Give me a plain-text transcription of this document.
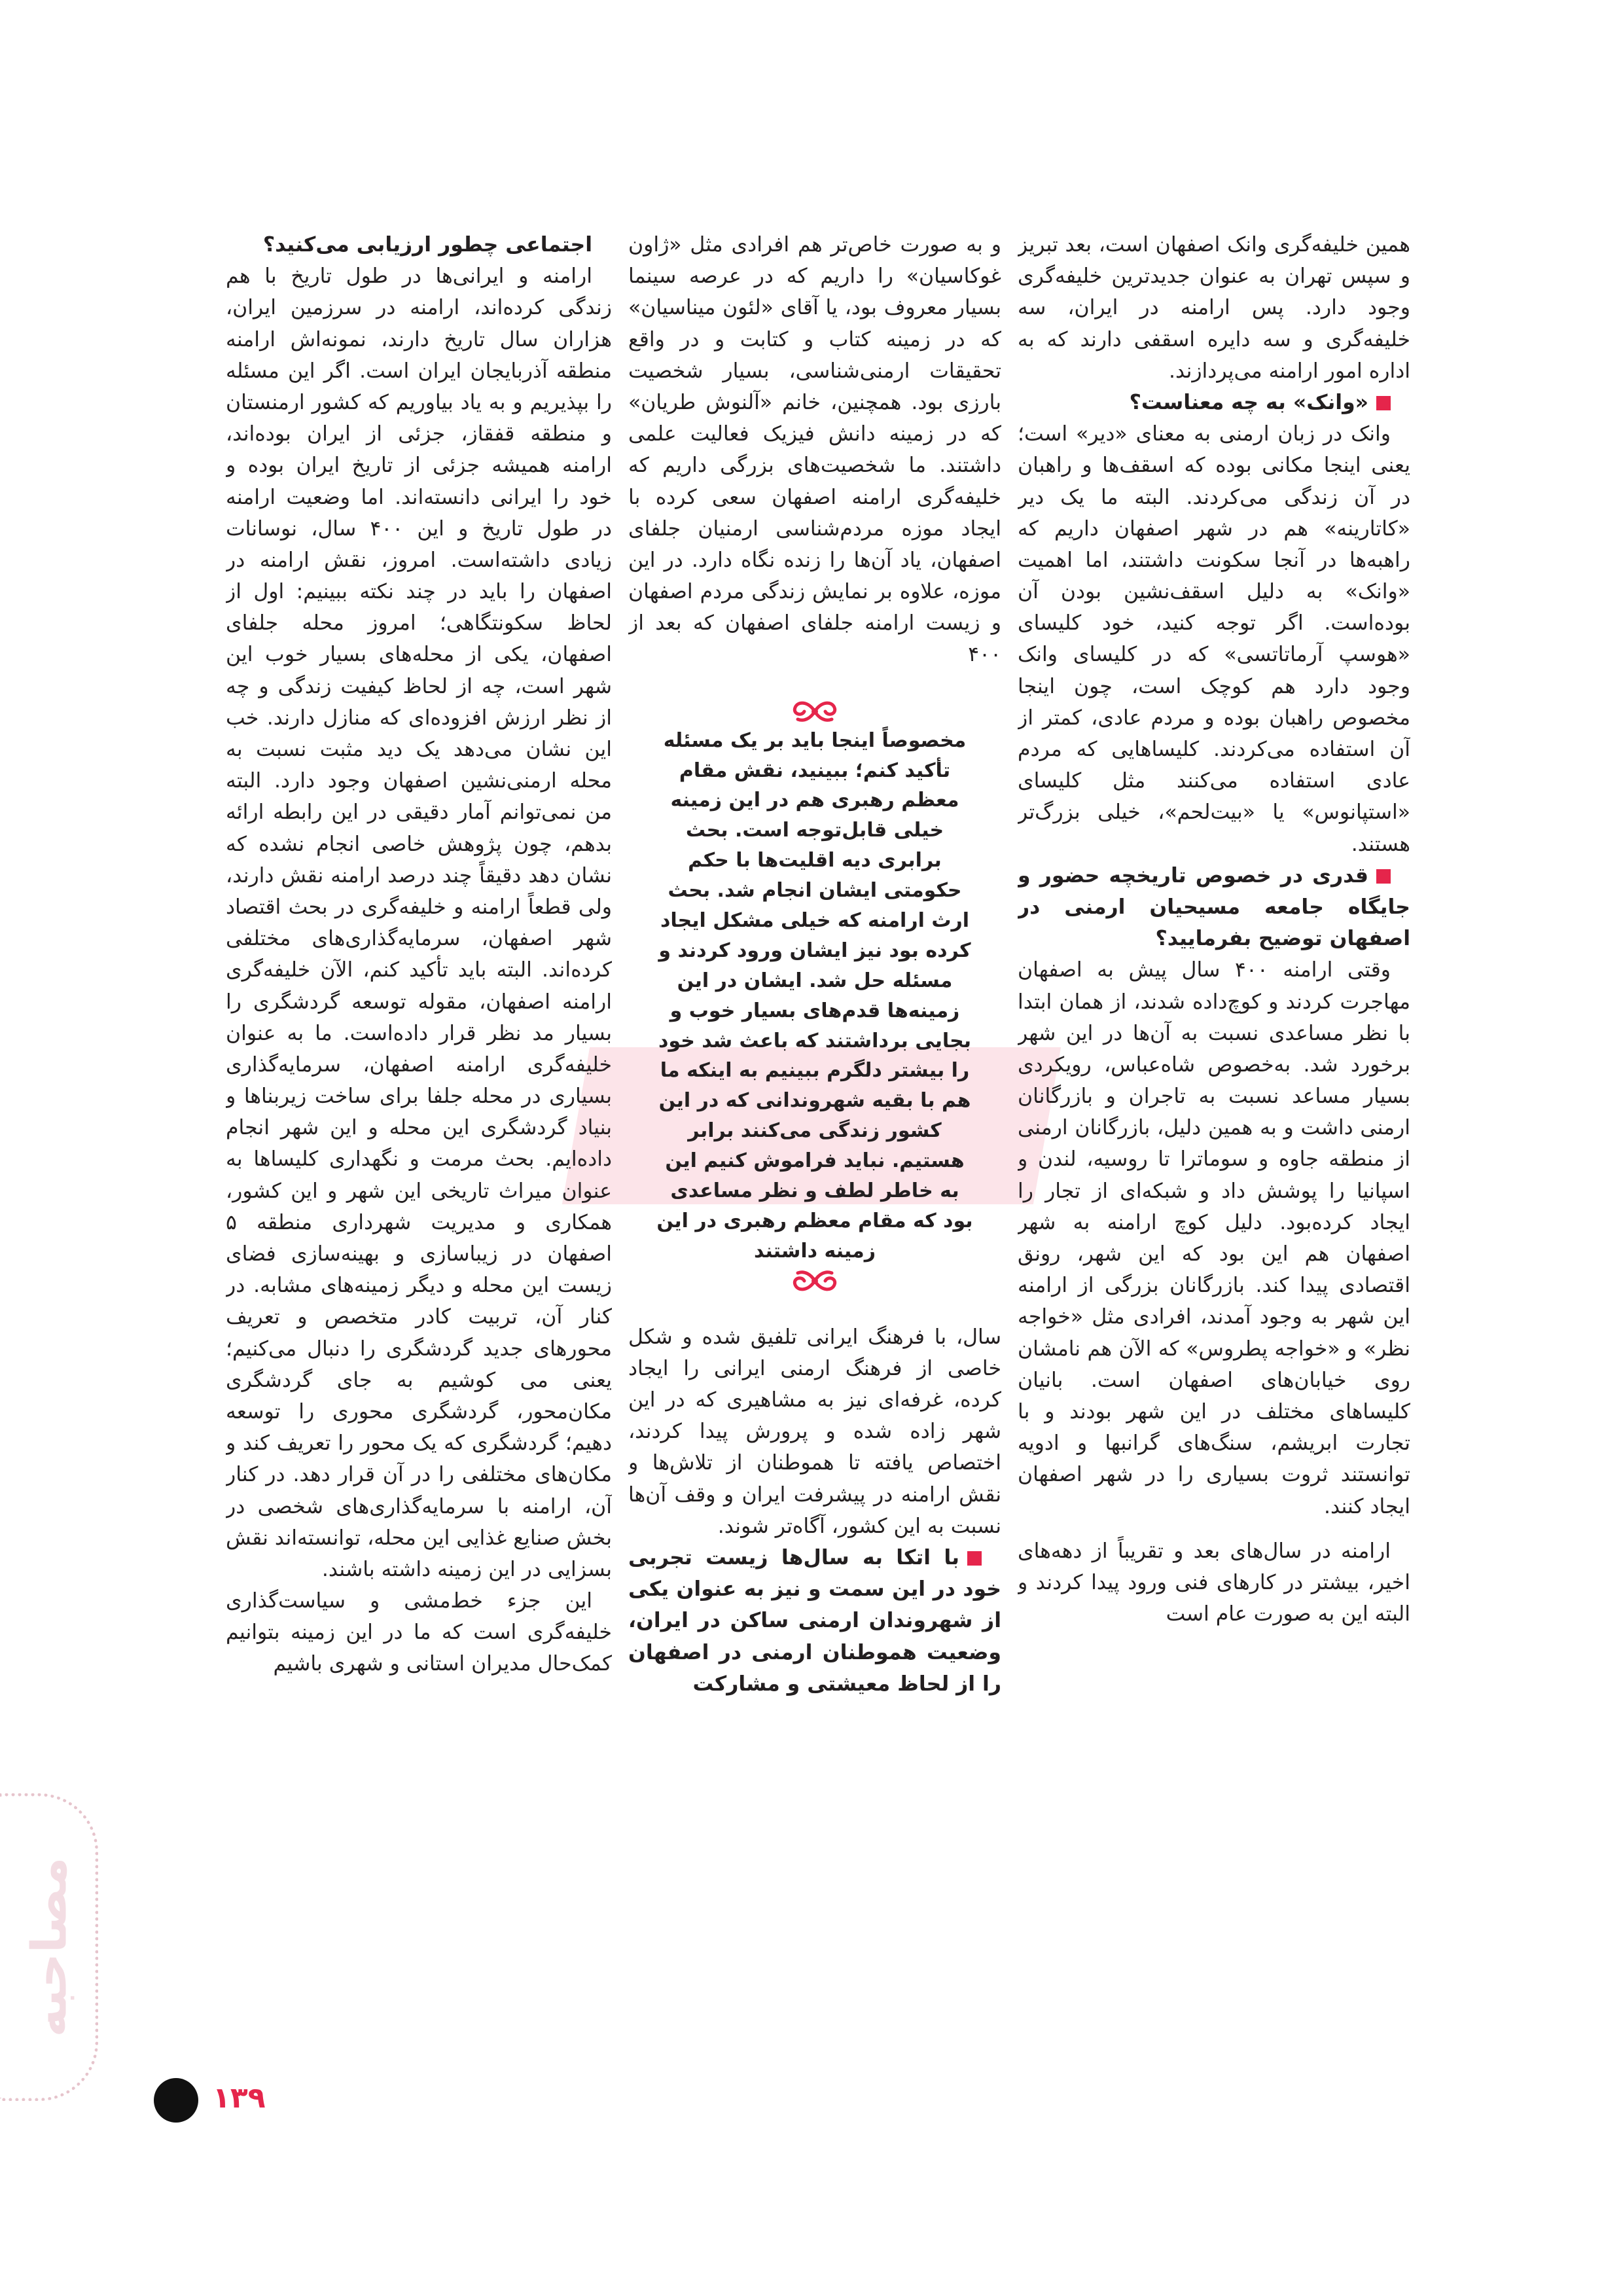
همین خلیفه‌گری وانک اصفهان است، بعد تبریز و سپس تهران به عنوان جدیدترین خلیفه‌گری وجود دارد. پس ارامنه در ایران، سه خلیفه‌گری و سه دایره اسقفی دارند که به اداره امور ارامنه می‌پردازند.

«وانک» به چه معناست؟

وانک در زبان ارمنی به معنای «دیر» است؛ یعنی اینجا مکانی بوده که اسقف‌ها و راهبان در آن زندگی می‌کردند. البته ما یک دیر «کاتارینه» هم در شهر اصفهان داریم که راهبه‌ها در آنجا سکونت داشتند، اما اهمیت «وانک» به دلیل اسقف‌نشین بودن آن بوده‌است. اگر توجه کنید، خود کلیسای «هوسپ آرماتاتسی» که در کلیسای وانک وجود دارد هم کوچک است، چون اینجا مخصوص راهبان بوده و مردم عادی، کمتر از آن استفاده می‌کردند. کلیساهایی که مردم عادی استفاده می‌کنند مثل کلیسای «استپانوس» یا «بیت‌لحم»، خیلی بزرگ‌تر هستند.

قدری در خصوص تاریخچه حضور و جایگاه جامعه مسیحیان ارمنی در اصفهان توضیح بفرمایید؟

وقتی ارامنه ۴۰۰ سال پیش به اصفهان مهاجرت کردند و کوچ‌داده شدند، از همان ابتدا با نظر مساعدی نسبت به آن‌ها در این شهر برخورد شد. به‌خصوص شاه‌عباس، رویکردی بسیار مساعد نسبت به تاجران و بازرگانان ارمنی داشت و به همین دلیل، بازرگانان ارمنی از منطقه جاوه و سوماترا تا روسیه، لندن و اسپانیا را پوشش داد و شبکه‌ای از تجار را ایجاد کرده‌بود. دلیل کوچ ارامنه به شهر اصفهان هم این بود که این شهر، رونق اقتصادی پیدا کند. بازرگانان بزرگی از ارامنه این شهر به وجود آمدند، افرادی مثل «خواجه نظر» و «خواجه پطروس» که الآن هم نامشان روی خیابان‌های اصفهان است. بانیان کلیساهای مختلف در این شهر بودند و با تجارت ابریشم، سنگ‌های گرانبها و ادویه توانستند ثروت بسیاری را در شهر اصفهان ایجاد کنند.

ارامنه در سال‌های بعد و تقریباً از دهه‌های اخیر، بیشتر در کارهای فنی ورود پیدا کردند و البته این به صورت عام است

و به صورت خاص‌تر هم افرادی مثل «ژاون غوکاسیان» را داریم که در عرصه سینما بسیار معروف بود، یا آقای «لئون میناسیان» که در زمینه کتاب و کتابت و در واقع تحقیقات ارمنی‌شناسی، بسیار شخصیت بارزی بود. همچنین، خانم «آلنوش طریان» که در زمینه دانش فیزیک فعالیت علمی داشتند. ما شخصیت‌های بزرگی داریم که خلیفه‌گری ارامنه اصفهان سعی کرده با ایجاد موزه مردم‌شناسی ارمنیان جلفای اصفهان، یاد آن‌ها را زنده نگاه دارد. در این موزه، علاوه بر نمایش زندگی مردم اصفهان و زیست ارامنه جلفای اصفهان که بعد از ۴۰۰

مخصوصاً اینجا باید بر یک مسئله تأکید کنم؛ ببینید، نقش مقام معظم رهبری هم در این زمینه خیلی قابل‌توجه است. بحث برابری دیه اقلیت‌ها با حکم حکومتی ایشان انجام شد. بحث ارث ارامنه که خیلی مشکل ایجاد کرده بود نیز ایشان ورود کردند و مسئله حل شد. ایشان در این زمینه‌ها قدم‌های بسیار خوب و بجایی برداشتند که باعث شد خود را بیشتر دلگرم ببینیم به اینکه ما هم با بقیه شهروندانی که در این کشور زندگی می‌کنند برابر هستیم. نباید فراموش کنیم این به خاطر لطف و نظر مساعدی بود که مقام معظم رهبری در این زمینه داشتند

سال، با فرهنگ ایرانی تلفیق شده و شکل خاصی از فرهنگ ارمنی ایرانی را ایجاد کرده، غرفه‌ای نیز به مشاهیری که در این شهر زاده شده و پرورش پیدا کردند، اختصاص یافته تا هموطنان از تلاش‌ها و نقش ارامنه در پیشرفت ایران و وقف آن‌ها نسبت به این کشور، آگاه‌تر شوند.

با اتکا به سال‌ها زیست تجربی خود در این سمت و نیز به عنوان یکی از شهروندان ارمنی ساکن در ایران، وضعیت هموطنان ارمنی در اصفهان را از لحاظ معیشتی و مشارکت

اجتماعی چطور ارزیابی می‌کنید؟

ارامنه و ایرانی‌ها در طول تاریخ با هم زندگی کرده‌اند، ارامنه در سرزمین ایران، هزاران سال تاریخ دارند، نمونه‌اش ارامنه منطقه آذربایجان ایران است. اگر این مسئله را بپذیریم و به یاد بیاوریم که کشور ارمنستان و منطقه قفقاز، جزئی از ایران بوده‌اند، ارامنه همیشه جزئی از تاریخ ایران بوده و خود را ایرانی دانسته‌اند. اما وضعیت ارامنه در طول تاریخ و این ۴۰۰ سال، نوسانات زیادی داشته‌است. امروز، نقش ارامنه در اصفهان را باید در چند نکته ببینیم: اول از لحاظ سکونتگاهی؛ امروز محله جلفای اصفهان، یکی از محله‌های بسیار خوب این شهر است، چه از لحاظ کیفیت زندگی و چه از نظر ارزش افزوده‌ای که منازل دارند. خب این نشان می‌دهد یک دید مثبت نسبت به محله ارمنی‌نشین اصفهان وجود دارد. البته من نمی‌توانم آمار دقیقی در این رابطه ارائه بدهم، چون پژوهش خاصی انجام نشده که نشان دهد دقیقاً چند درصد ارامنه نقش دارند، ولی قطعاً ارامنه و خلیفه‌گری در بحث اقتصاد شهر اصفهان، سرمایه‌گذاری‌های مختلفی کرده‌اند. البته باید تأکید کنم، الآن خلیفه‌گری ارامنه اصفهان، مقوله توسعه گردشگری را بسیار مد نظر قرار داده‌است. ما به عنوان خلیفه‌گری ارامنه اصفهان، سرمایه‌گذاری بسیاری در محله جلفا برای ساخت زیربناها و بنیاد گردشگری این محله و این شهر انجام داده‌ایم. بحث مرمت و نگهداری کلیساها به عنوان میراث تاریخی این شهر و این کشور، همکاری و مدیریت شهرداری منطقه ۵ اصفهان در زیباسازی و بهینه‌سازی فضای زیست این محله و دیگر زمینه‌های مشابه. در کنار آن، تربیت کادر متخصص و تعریف محورهای جدید گردشگری را دنبال می‌کنیم؛ یعنی می کوشیم به جای گردشگری مکان‌محور، گردشگری محوری را توسعه دهیم؛ گردشگری که یک محور را تعریف کند و مکان‌های مختلفی را در آن قرار دهد. در کنار آن، ارامنه با سرمایه‌گذاری‌های شخصی در بخش صنایع غذایی این محله، توانسته‌اند نقش بسزایی در این زمینه داشته باشند.

این جزء خط‌مشی و سیاست‌گذاری خلیفه‌گری است که ما در این زمینه بتوانیم کمک‌حال مدیران استانی و شهری باشیم

مصاحبه
۱۳۹
